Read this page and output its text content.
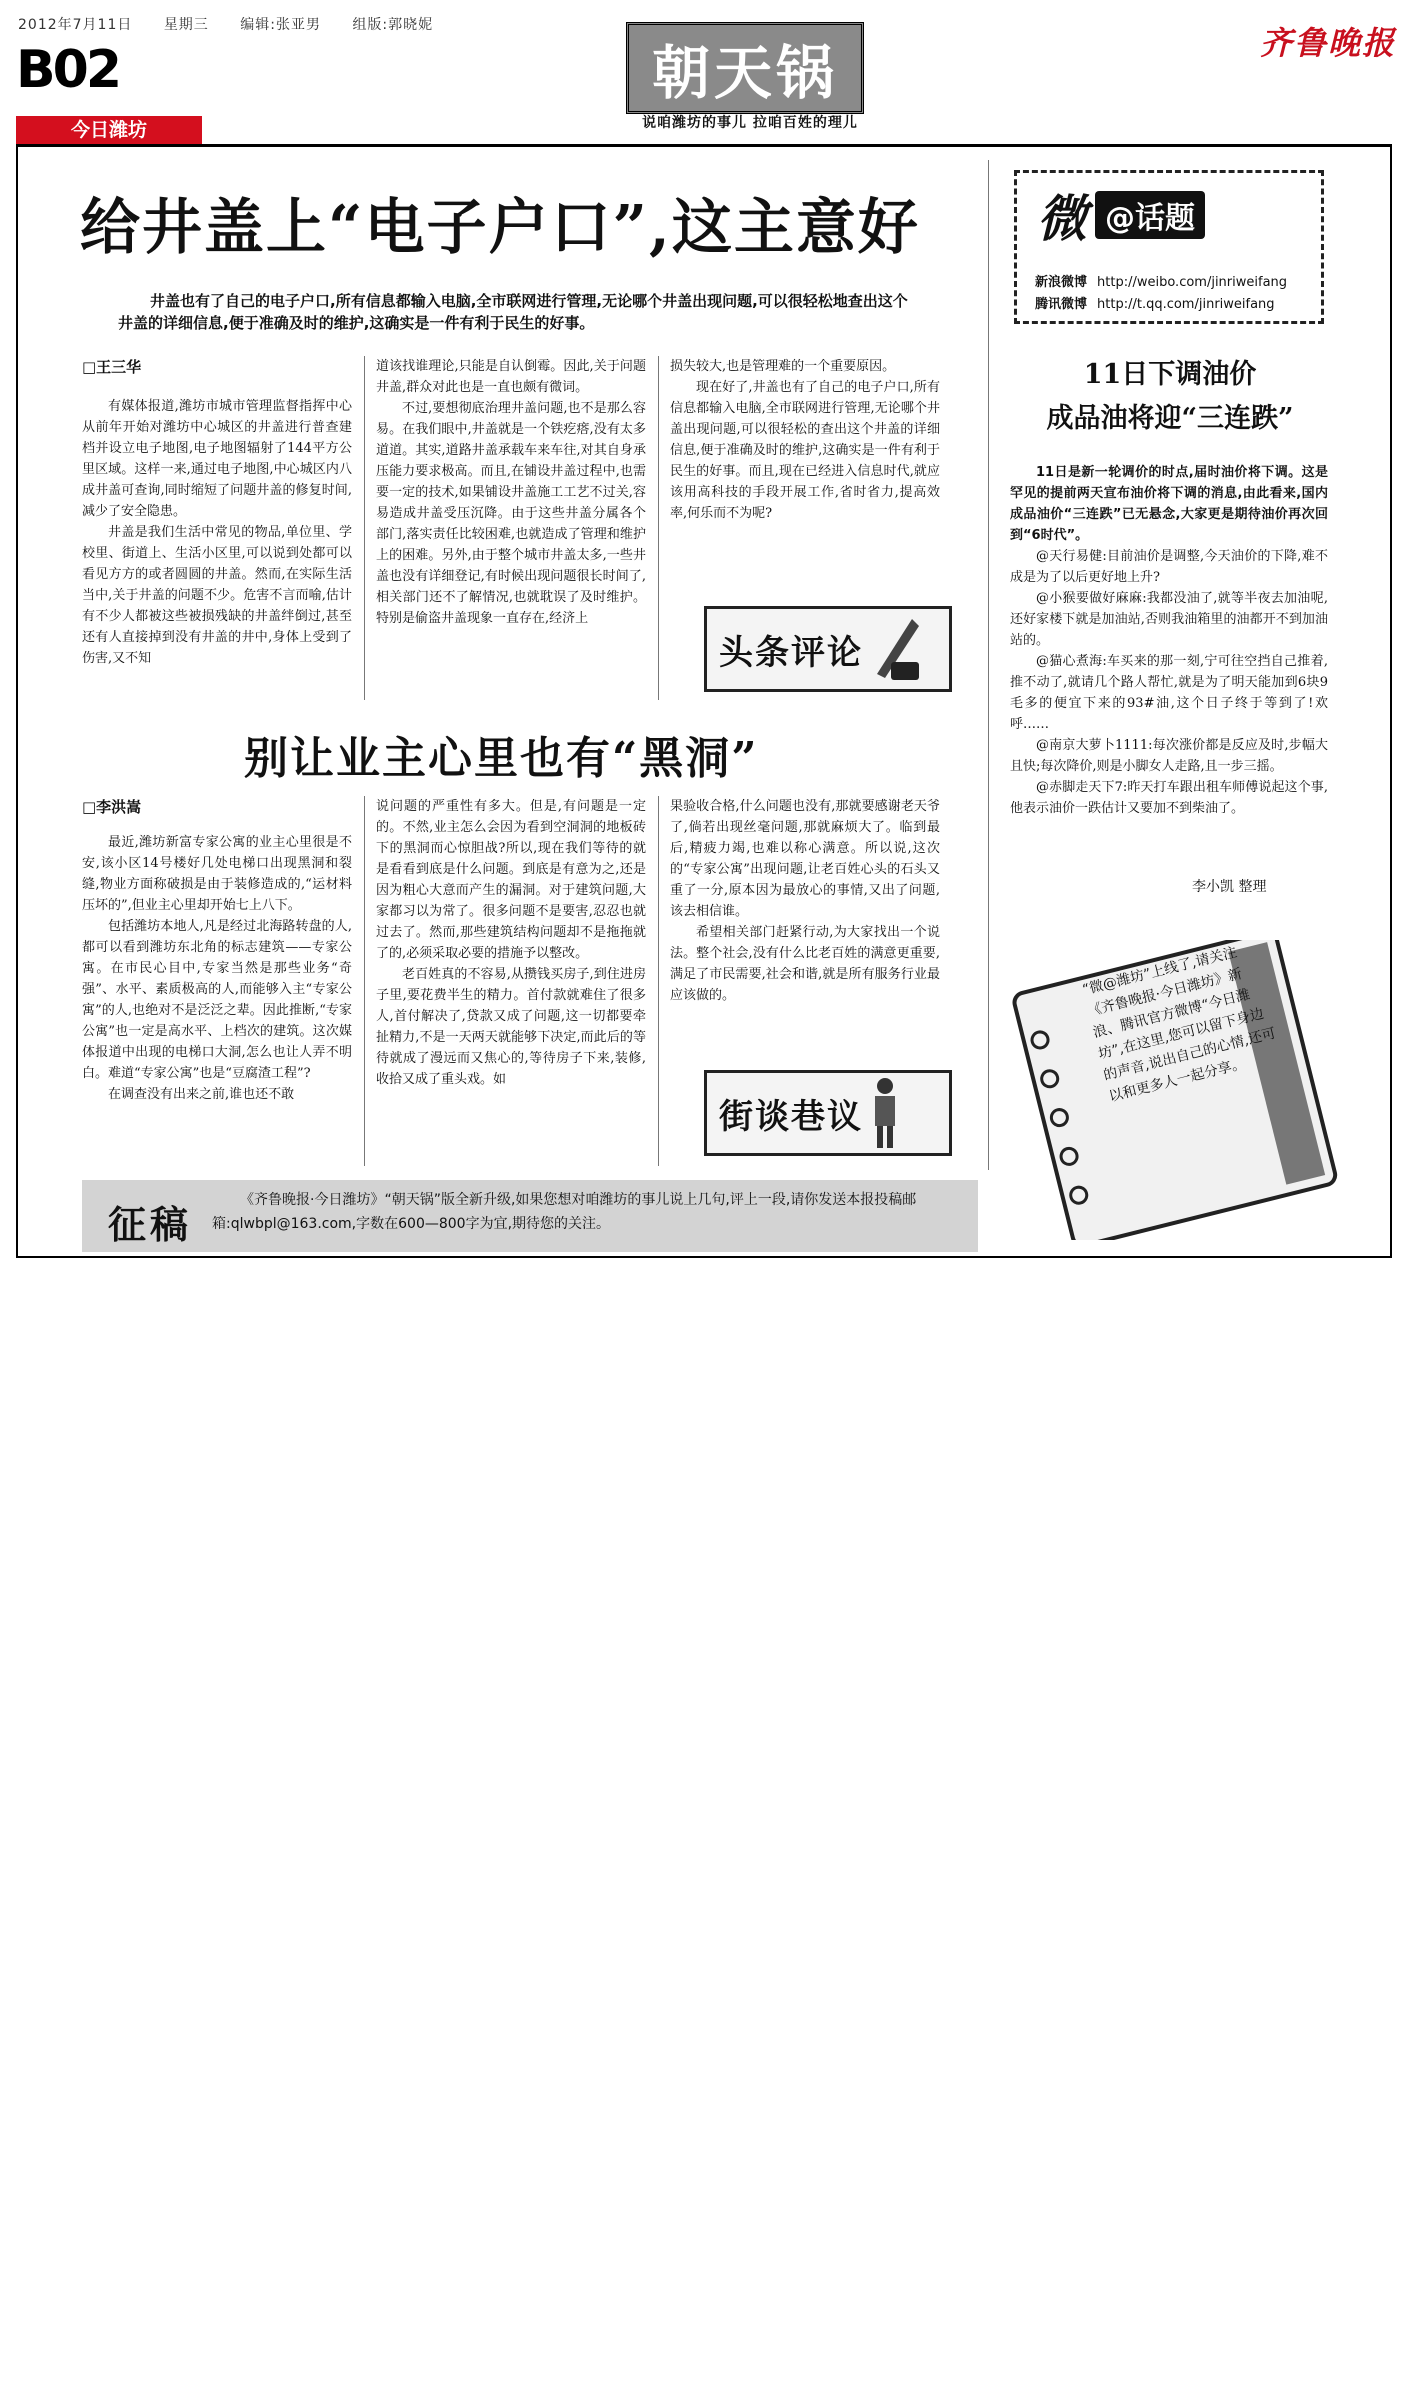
2012年7月11日 星期三 编辑:张亚男 组版:郭晓妮
B02
今日潍坊
朝天锅
说咱潍坊的事儿 拉咱百姓的理儿
齐鲁晚报
给井盖上“电子户口”,这主意好
井盖也有了自己的电子户口,所有信息都输入电脑,全市联网进行管理,无论哪个井盖出现问题,可以很轻松地查出这个井盖的详细信息,便于准确及时的维护,这确实是一件有利于民生的好事。
□王三华

有媒体报道,潍坊市城市管理监督指挥中心从前年开始对潍坊中心城区的井盖进行普查建档并设立电子地图,电子地图辐射了144平方公里区域。这样一来,通过电子地图,中心城区内八成井盖可查询,同时缩短了问题井盖的修复时间,减少了安全隐患。

井盖是我们生活中常见的物品,单位里、学校里、街道上、生活小区里,可以说到处都可以看见方方的或者圆圆的井盖。然而,在实际生活当中,关于井盖的问题不少。危害不言而喻,估计有不少人都被这些被损残缺的井盖绊倒过,甚至还有人直接掉到没有井盖的井中,身体上受到了伤害,又不知

道该找谁理论,只能是自认倒霉。因此,关于问题井盖,群众对此也是一直也颇有微词。

不过,要想彻底治理井盖问题,也不是那么容易。在我们眼中,井盖就是一个铁疙瘩,没有太多道道。其实,道路井盖承载车来车往,对其自身承压能力要求极高。而且,在铺设井盖过程中,也需要一定的技术,如果铺设井盖施工工艺不过关,容易造成井盖受压沉降。由于这些井盖分属各个部门,落实责任比较困难,也就造成了管理和维护上的困难。另外,由于整个城市井盖太多,一些井盖也没有详细登记,有时候出现问题很长时间了,相关部门还不了解情况,也就耽误了及时维护。特别是偷盗井盖现象一直存在,经济上

损失较大,也是管理难的一个重要原因。

现在好了,井盖也有了自己的电子户口,所有信息都输入电脑,全市联网进行管理,无论哪个井盖出现问题,可以很轻松的查出这个井盖的详细信息,便于准确及时的维护,这确实是一件有利于民生的好事。而且,现在已经进入信息时代,就应该用高科技的手段开展工作,省时省力,提高效率,何乐而不为呢?

头条评论
别让业主心里也有“黑洞”
□李洪嵩

最近,潍坊新富专家公寓的业主心里很是不安,该小区14号楼好几处电梯口出现黑洞和裂缝,物业方面称破损是由于装修造成的,“运材料压坏的”,但业主心里却开始七上八下。

包括潍坊本地人,凡是经过北海路转盘的人,都可以看到潍坊东北角的标志建筑——专家公寓。在市民心目中,专家当然是那些业务“奇强”、水平、素质极高的人,而能够入主“专家公寓”的人,也绝对不是泛泛之辈。因此推断,“专家公寓”也一定是高水平、上档次的建筑。这次媒体报道中出现的电梯口大洞,怎么也让人弄不明白。难道“专家公寓”也是“豆腐渣工程”?

在调查没有出来之前,谁也还不敢

说问题的严重性有多大。但是,有问题是一定的。不然,业主怎么会因为看到空洞洞的地板砖下的黑洞而心惊胆战?所以,现在我们等待的就是看看到底是什么问题。到底是有意为之,还是因为粗心大意而产生的漏洞。对于建筑问题,大家都习以为常了。很多问题不是要害,忍忍也就过去了。然而,那些建筑结构问题却不是拖拖就了的,必须采取必要的措施予以整改。

老百姓真的不容易,从攒钱买房子,到住进房子里,要花费半生的精力。首付款就难住了很多人,首付解决了,贷款又成了问题,这一切都要牵扯精力,不是一天两天就能够下决定,而此后的等待就成了漫远而又焦心的,等待房子下来,装修,收拾又成了重头戏。如

果验收合格,什么问题也没有,那就要感谢老天爷了,倘若出现丝毫问题,那就麻烦大了。临到最后,精疲力竭,也难以称心满意。所以说,这次的“专家公寓”出现问题,让老百姓心头的石头又重了一分,原本因为最放心的事情,又出了问题,该去相信谁。

希望相关部门赶紧行动,为大家找出一个说法。整个社会,没有什么比老百姓的满意更重要,满足了市民需要,社会和谐,就是所有服务行业最应该做的。

街谈巷议
微 @话题
新浪微博 http://weibo.com/jinriweifang
腾讯微博 http://t.qq.com/jinriweifang
11日下调油价
成品油将迎“三连跌”

11日是新一轮调价的时点,届时油价将下调。这是罕见的提前两天宣布油价将下调的消息,由此看来,国内成品油价“三连跌”已无悬念,大家更是期待油价再次回到“6时代”。

@天行易健:目前油价是调整,今天油价的下降,难不成是为了以后更好地上升?

@小猴要做好麻麻:我都没油了,就等半夜去加油呢,还好家楼下就是加油站,否则我油箱里的油都开不到加油站的。

@猫心煮海:车买来的那一刻,宁可往空挡自己推着,推不动了,就请几个路人帮忙,就是为了明天能加到6块9毛多的便宜下来的93#油,这个日子终于等到了!欢呼……

@南京大萝卜1111:每次涨价都是反应及时,步幅大且快;每次降价,则是小脚女人走路,且一步三摇。

@赤脚走天下7:昨天打车跟出租车师傅说起这个事,他表示油价一跌估计又要加不到柴油了。

李小凯 整理
“微@潍坊”上线了,请关注《齐鲁晚报·今日潍坊》新浪、腾讯官方微博“今日潍坊”,在这里,您可以留下身边的声音,说出自己的心情,还可以和更多人一起分享。
征稿
《齐鲁晚报·今日潍坊》“朝天锅”版全新升级,如果您想对咱潍坊的事儿说上几句,评上一段,请你发送本报投稿邮箱:qlwbpl@163.com,字数在600—800字为宜,期待您的关注。
